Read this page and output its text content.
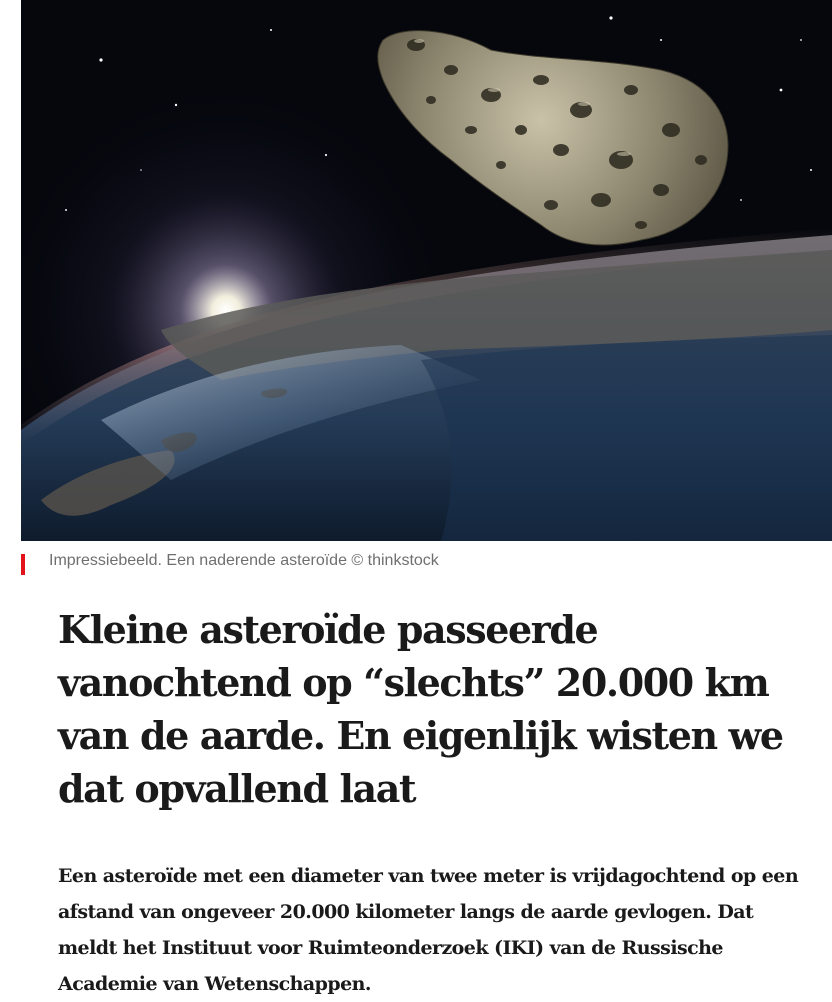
Impressiebeeld. Een naderende asteroïde © thinkstock
Kleine asteroïde passeerde vanochtend op “slechts” 20.000 km van de aarde. En eigenlijk wisten we dat opvallend laat

Een asteroïde met een diameter van twee meter is vrijdagochtend op een afstand van ongeveer 20.000 kilometer langs de aarde gevlogen. Dat meldt het Instituut voor Ruimteonderzoek (IKI) van de Russische Academie van Wetenschappen.
